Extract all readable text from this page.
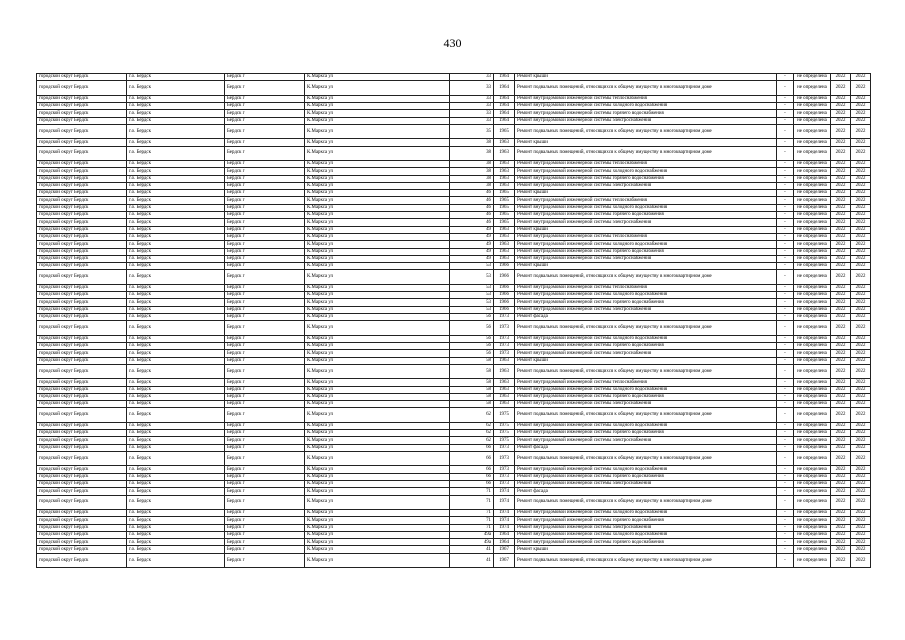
430
городской округ Бердск	г.о. Бердск	Бердск г	К.Маркса ул	33	1964	Ремонт крыши	-	не определена	2022	2022
городской округ Бердск	г.о. Бердск	Бердск г	К.Маркса ул	33	1964	Ремонт подвальных помещений, относящихся к общему имуществу в многоквартирном доме	-	не определена	2022	2022
городской округ Бердск	г.о. Бердск	Бердск г	К.Маркса ул	33	1964	Ремонт внутридомовой инженерной системы теплоснабжения	-	не определена	2022	2022
городской округ Бердск	г.о. Бердск	Бердск г	К.Маркса ул	33	1964	Ремонт внутридомовой инженерной системы холодного водоснабжения	-	не определена	2022	2022
городской округ Бердск	г.о. Бердск	Бердск г	К.Маркса ул	33	1964	Ремонт внутридомовой инженерной системы горячего водоснабжения	-	не определена	2022	2022
городской округ Бердск	г.о. Бердск	Бердск г	К.Маркса ул	33	1964	Ремонт внутридомовой инженерной системы электроснабжения	-	не определена	2022	2022
городской округ Бердск	г.о. Бердск	Бердск г	К.Маркса ул	35	1965	Ремонт подвальных помещений, относящихся к общему имуществу в многоквартирном доме	-	не определена	2022	2022
городской округ Бердск	г.о. Бердск	Бердск г	К.Маркса ул	38	1963	Ремонт крыши	-	не определена	2022	2022
городской округ Бердск	г.о. Бердск	Бердск г	К.Маркса ул	38	1963	Ремонт подвальных помещений, относящихся к общему имуществу в многоквартирном доме	-	не определена	2022	2022
городской округ Бердск	г.о. Бердск	Бердск г	К.Маркса ул	38	1963	Ремонт внутридомовой инженерной системы теплоснабжения	-	не определена	2022	2022
городской округ Бердск	г.о. Бердск	Бердск г	К.Маркса ул	38	1963	Ремонт внутридомовой инженерной системы холодного водоснабжения	-	не определена	2022	2022
городской округ Бердск	г.о. Бердск	Бердск г	К.Маркса ул	38	1963	Ремонт внутридомовой инженерной системы горячего водоснабжения	-	не определена	2022	2022
городской округ Бердск	г.о. Бердск	Бердск г	К.Маркса ул	38	1963	Ремонт внутридомовой инженерной системы электроснабжения	-	не определена	2022	2022
городской округ Бердск	г.о. Бердск	Бердск г	К.Маркса ул	46	1965	Ремонт крыши	-	не определена	2022	2022
городской округ Бердск	г.о. Бердск	Бердск г	К.Маркса ул	46	1965	Ремонт внутридомовой инженерной системы теплоснабжения	-	не определена	2022	2022
городской округ Бердск	г.о. Бердск	Бердск г	К.Маркса ул	46	1965	Ремонт внутридомовой инженерной системы холодного водоснабжения	-	не определена	2022	2022
городской округ Бердск	г.о. Бердск	Бердск г	К.Маркса ул	46	1965	Ремонт внутридомовой инженерной системы горячего водоснабжения	-	не определена	2022	2022
городской округ Бердск	г.о. Бердск	Бердск г	К.Маркса ул	46	1965	Ремонт внутридомовой инженерной системы электроснабжения	-	не определена	2022	2022
городской округ Бердск	г.о. Бердск	Бердск г	К.Маркса ул	49	1963	Ремонт крыши	-	не определена	2022	2022
городской округ Бердск	г.о. Бердск	Бердск г	К.Маркса ул	49	1963	Ремонт внутридомовой инженерной системы теплоснабжения	-	не определена	2022	2022
городской округ Бердск	г.о. Бердск	Бердск г	К.Маркса ул	49	1963	Ремонт внутридомовой инженерной системы холодного водоснабжения	-	не определена	2022	2022
городской округ Бердск	г.о. Бердск	Бердск г	К.Маркса ул	49	1963	Ремонт внутридомовой инженерной системы горячего водоснабжения	-	не определена	2022	2022
городской округ Бердск	г.о. Бердск	Бердск г	К.Маркса ул	49	1963	Ремонт внутридомовой инженерной системы электроснабжения	-	не определена	2022	2022
городской округ Бердск	г.о. Бердск	Бердск г	К.Маркса ул	53	1966	Ремонт крыши	-	не определена	2022	2022
городской округ Бердск	г.о. Бердск	Бердск г	К.Маркса ул	53	1966	Ремонт подвальных помещений, относящихся к общему имуществу в многоквартирном доме	-	не определена	2022	2022
городской округ Бердск	г.о. Бердск	Бердск г	К.Маркса ул	53	1966	Ремонт внутридомовой инженерной системы теплоснабжения	-	не определена	2022	2022
городской округ Бердск	г.о. Бердск	Бердск г	К.Маркса ул	53	1966	Ремонт внутридомовой инженерной системы холодного водоснабжения	-	не определена	2022	2022
городской округ Бердск	г.о. Бердск	Бердск г	К.Маркса ул	53	1966	Ремонт внутридомовой инженерной системы горячего водоснабжения	-	не определена	2022	2022
городской округ Бердск	г.о. Бердск	Бердск г	К.Маркса ул	53	1966	Ремонт внутридомовой инженерной системы электроснабжения	-	не определена	2022	2022
городской округ Бердск	г.о. Бердск	Бердск г	К.Маркса ул	56	1973	Ремонт фасада	-	не определена	2022	2022
городской округ Бердск	г.о. Бердск	Бердск г	К.Маркса ул	56	1973	Ремонт подвальных помещений, относящихся к общему имуществу в многоквартирном доме	-	не определена	2022	2022
городской округ Бердск	г.о. Бердск	Бердск г	К.Маркса ул	56	1973	Ремонт внутридомовой инженерной системы холодного водоснабжения	-	не определена	2022	2022
городской округ Бердск	г.о. Бердск	Бердск г	К.Маркса ул	56	1973	Ремонт внутридомовой инженерной системы горячего водоснабжения	-	не определена	2022	2022
городской округ Бердск	г.о. Бердск	Бердск г	К.Маркса ул	56	1973	Ремонт внутридомовой инженерной системы электроснабжения	-	не определена	2022	2022
городской округ Бердск	г.о. Бердск	Бердск г	К.Маркса ул	58	1963	Ремонт крыши	-	не определена	2022	2022
городской округ Бердск	г.о. Бердск	Бердск г	К.Маркса ул	58	1963	Ремонт подвальных помещений, относящихся к общему имуществу в многоквартирном доме	-	не определена	2022	2022
городской округ Бердск	г.о. Бердск	Бердск г	К.Маркса ул	58	1963	Ремонт внутридомовой инженерной системы теплоснабжения	-	не определена	2022	2022
городской округ Бердск	г.о. Бердск	Бердск г	К.Маркса ул	58	1963	Ремонт внутридомовой инженерной системы холодного водоснабжения	-	не определена	2022	2022
городской округ Бердск	г.о. Бердск	Бердск г	К.Маркса ул	58	1963	Ремонт внутридомовой инженерной системы горячего водоснабжения	-	не определена	2022	2022
городской округ Бердск	г.о. Бердск	Бердск г	К.Маркса ул	58	1963	Ремонт внутридомовой инженерной системы электроснабжения	-	не определена	2022	2022
городской округ Бердск	г.о. Бердск	Бердск г	К.Маркса ул	62	1975	Ремонт подвальных помещений, относящихся к общему имуществу в многоквартирном доме	-	не определена	2022	2022
городской округ Бердск	г.о. Бердск	Бердск г	К.Маркса ул	62	1975	Ремонт внутридомовой инженерной системы холодного водоснабжения	-	не определена	2022	2022
городской округ Бердск	г.о. Бердск	Бердск г	К.Маркса ул	62	1975	Ремонт внутридомовой инженерной системы горячего водоснабжения	-	не определена	2022	2022
городской округ Бердск	г.о. Бердск	Бердск г	К.Маркса ул	62	1975	Ремонт внутридомовой инженерной системы электроснабжения	-	не определена	2022	2022
городской округ Бердск	г.о. Бердск	Бердск г	К.Маркса ул	66	1973	Ремонт фасада	-	не определена	2022	2022
городской округ Бердск	г.о. Бердск	Бердск г	К.Маркса ул	66	1973	Ремонт подвальных помещений, относящихся к общему имуществу в многоквартирном доме	-	не определена	2022	2022
городской округ Бердск	г.о. Бердск	Бердск г	К.Маркса ул	66	1973	Ремонт внутридомовой инженерной системы холодного водоснабжения	-	не определена	2022	2022
городской округ Бердск	г.о. Бердск	Бердск г	К.Маркса ул	66	1973	Ремонт внутридомовой инженерной системы горячего водоснабжения	-	не определена	2022	2022
городской округ Бердск	г.о. Бердск	Бердск г	К.Маркса ул	66	1973	Ремонт внутридомовой инженерной системы электроснабжения	-	не определена	2022	2022
городской округ Бердск	г.о. Бердск	Бердск г	К.Маркса ул	71	1974	Ремонт фасада	-	не определена	2022	2022
городской округ Бердск	г.о. Бердск	Бердск г	К.Маркса ул	71	1974	Ремонт подвальных помещений, относящихся к общему имуществу в многоквартирном доме	-	не определена	2022	2022
городской округ Бердск	г.о. Бердск	Бердск г	К.Маркса ул	71	1974	Ремонт внутридомовой инженерной системы холодного водоснабжения	-	не определена	2022	2022
городской округ Бердск	г.о. Бердск	Бердск г	К.Маркса ул	71	1974	Ремонт внутридомовой инженерной системы горячего водоснабжения	-	не определена	2022	2022
городской округ Бердск	г.о. Бердск	Бердск г	К.Маркса ул	71	1974	Ремонт внутридомовой инженерной системы электроснабжения	-	не определена	2022	2022
городской округ Бердск	г.о. Бердск	Бердск г	К.Маркса ул	49а	1964	Ремонт внутридомовой инженерной системы холодного водоснабжения	-	не определена	2022	2022
городской округ Бердск	г.о. Бердск	Бердск г	К.Маркса ул	49а	1964	Ремонт внутридомовой инженерной системы горячего водоснабжения	-	не определена	2022	2022
городской округ Бердск	г.о. Бердск	Бердск г	К.Маркса ул	41	1967	Ремонт крыши	-	не определена	2022	2022
городской округ Бердск	г.о. Бердск	Бердск г	К.Маркса ул	41	1967	Ремонт подвальных помещений, относящихся к общему имуществу в многоквартирном доме	-	не определена	2022	2022
